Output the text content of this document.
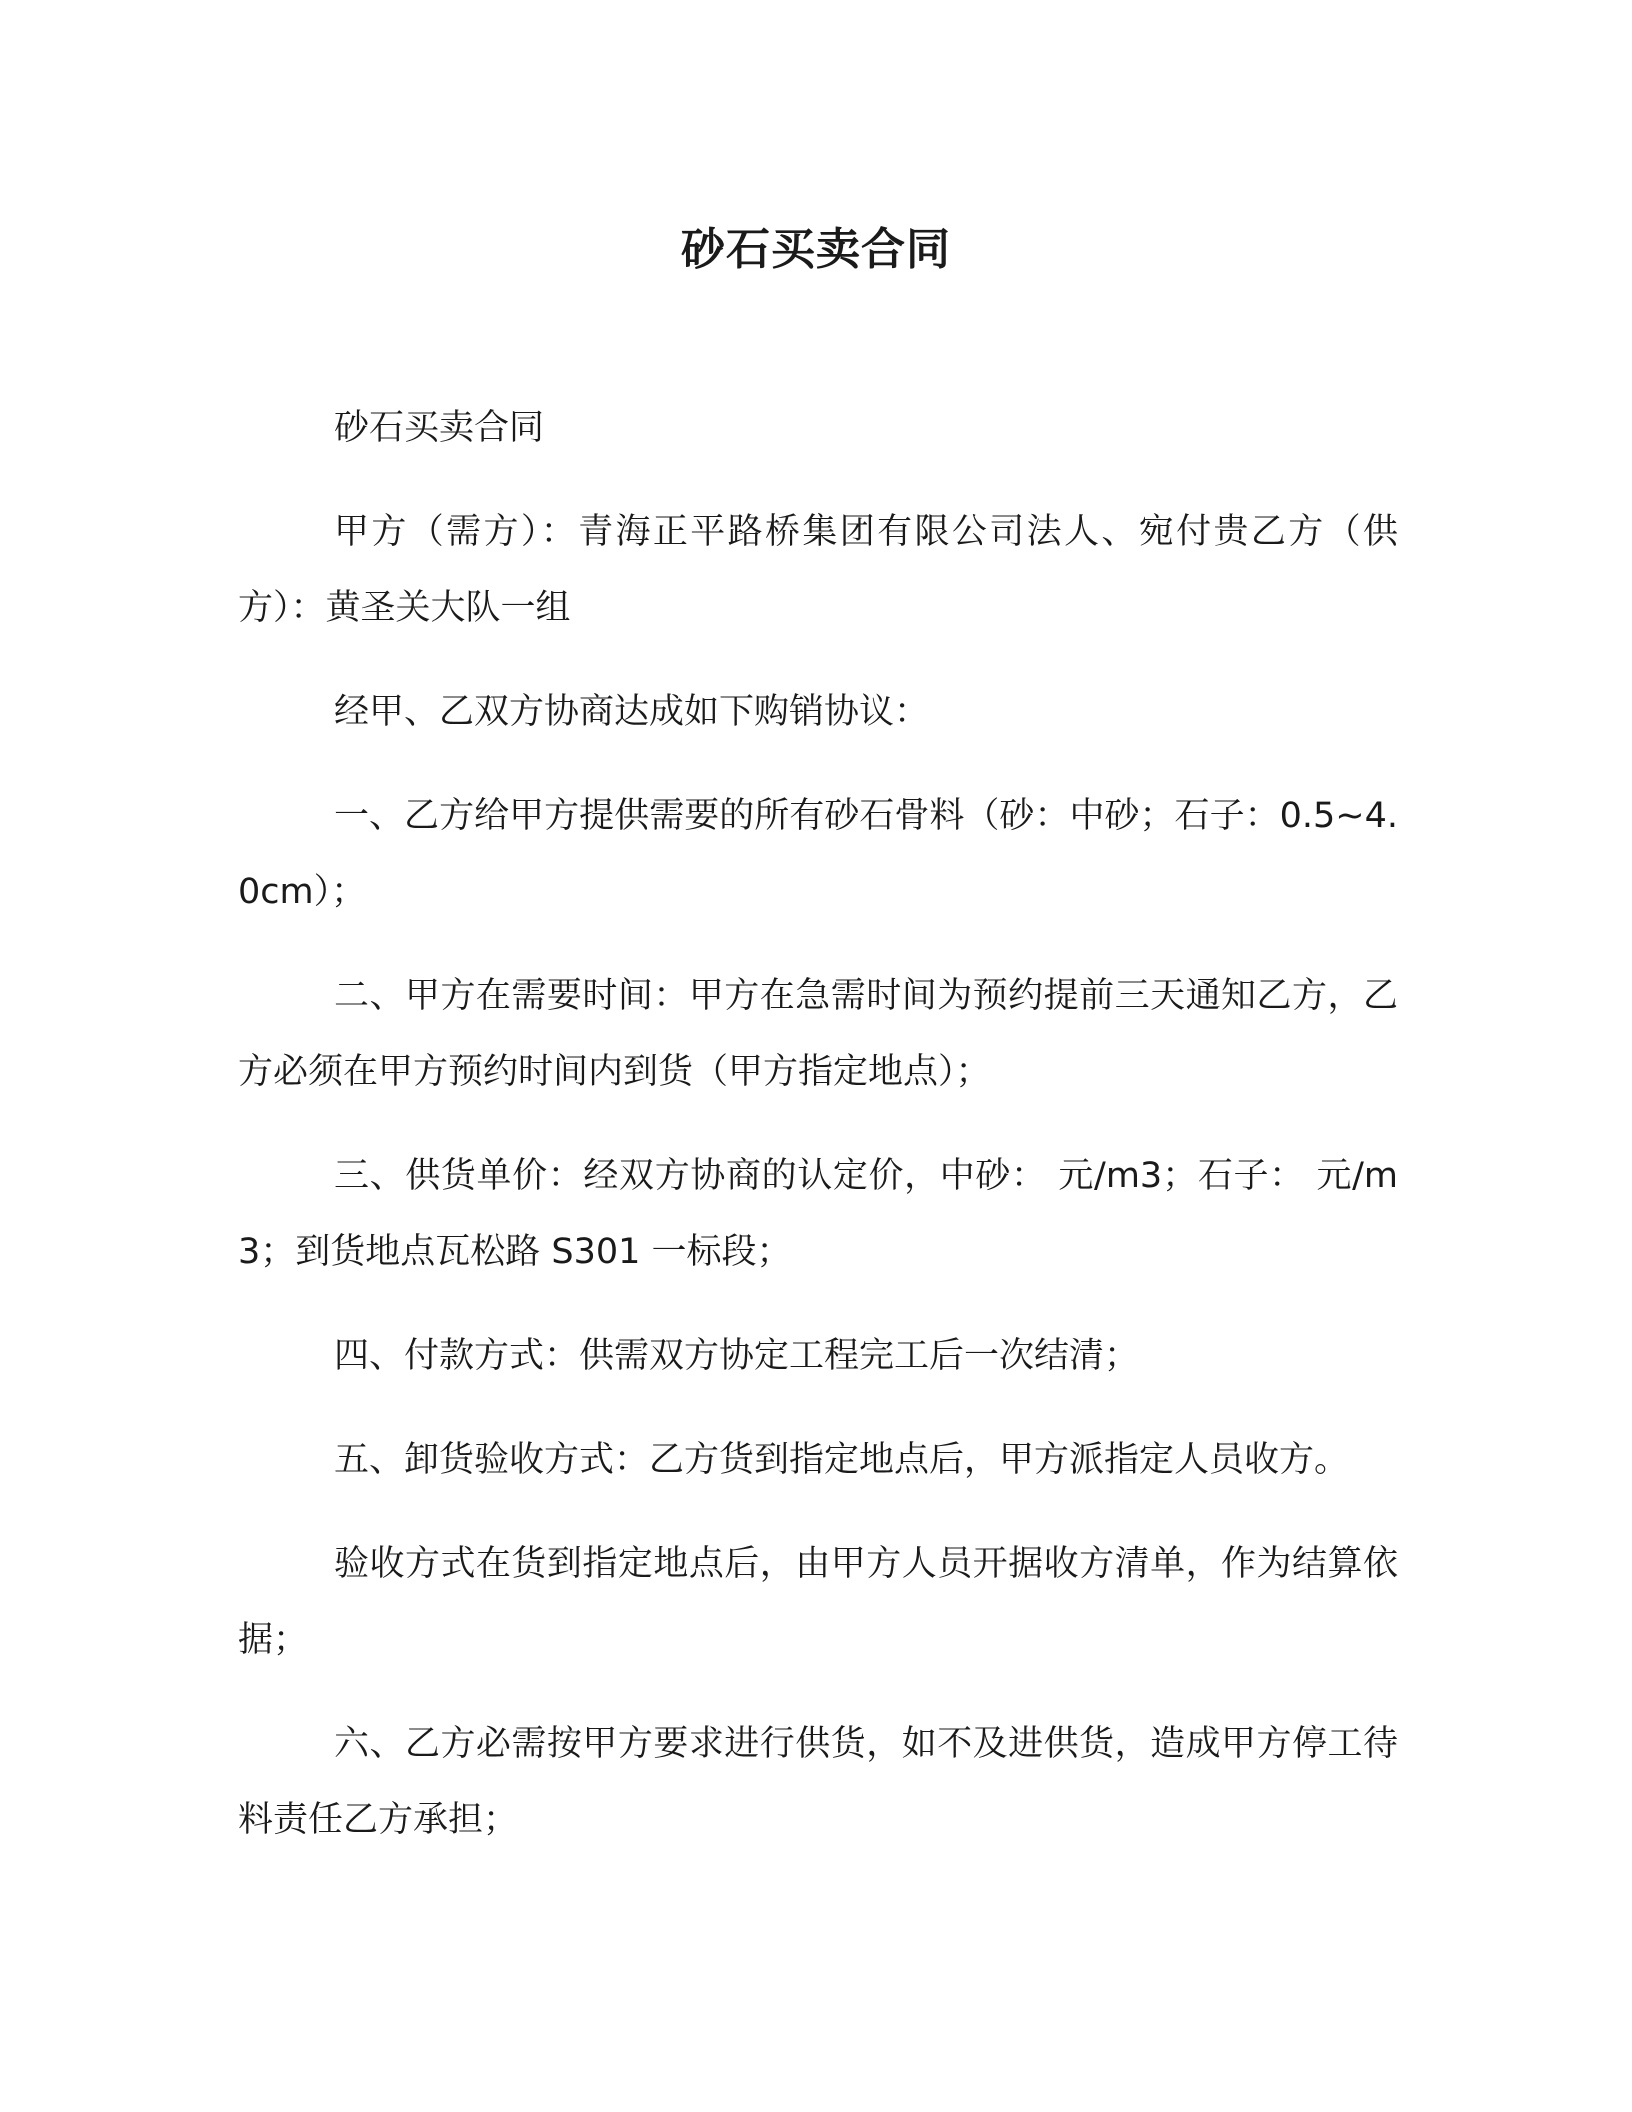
砂石买卖合同

砂石买卖合同

甲方（需方）：青海正平路桥集团有限公司法人、宛付贵乙方（供方）：黄圣关大队一组

经甲、乙双方协商达成如下购销协议：

一、乙方给甲方提供需要的所有砂石骨料（砂：中砂；石子：0.5~4.0cm）；

二、甲方在需要时间：甲方在急需时间为预约提前三天通知乙方，乙方必须在甲方预约时间内到货（甲方指定地点）；

三、供货单价：经双方协商的认定价，中砂： 元/m3；石子： 元/m3；到货地点瓦松路 S301 一标段；

四、付款方式：供需双方协定工程完工后一次结清；

五、卸货验收方式：乙方货到指定地点后，甲方派指定人员收方。

验收方式在货到指定地点后，由甲方人员开据收方清单，作为结算依据；

六、乙方必需按甲方要求进行供货，如不及进供货，造成甲方停工待料责任乙方承担；
